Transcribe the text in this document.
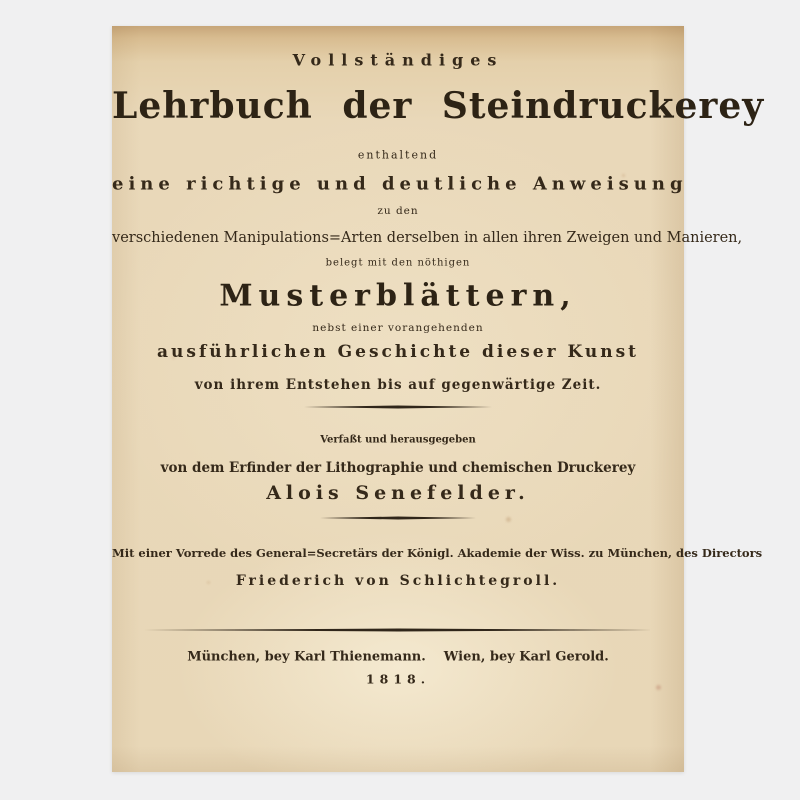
Vollständiges
Lehrbuch der Steindruckerey
enthaltend
eine richtige und deutliche Anweisung
zu den
verschiedenen Manipulations=Arten derselben in allen ihren Zweigen und Manieren,
belegt mit den nöthigen
Musterblättern,
nebst einer vorangehenden
ausführlichen Geschichte dieser Kunst
von ihrem Entstehen bis auf gegenwärtige Zeit.
Verfaßt und herausgegeben
von dem Erfinder der Lithographie und chemischen Druckerey
Alois Senefelder.
Mit einer Vorrede des General=Secretärs der Königl. Akademie der Wiss. zu München, des Directors
Friederich von Schlichtegroll.
München, bey Karl Thienemann. Wien, bey Karl Gerold.
1818.
